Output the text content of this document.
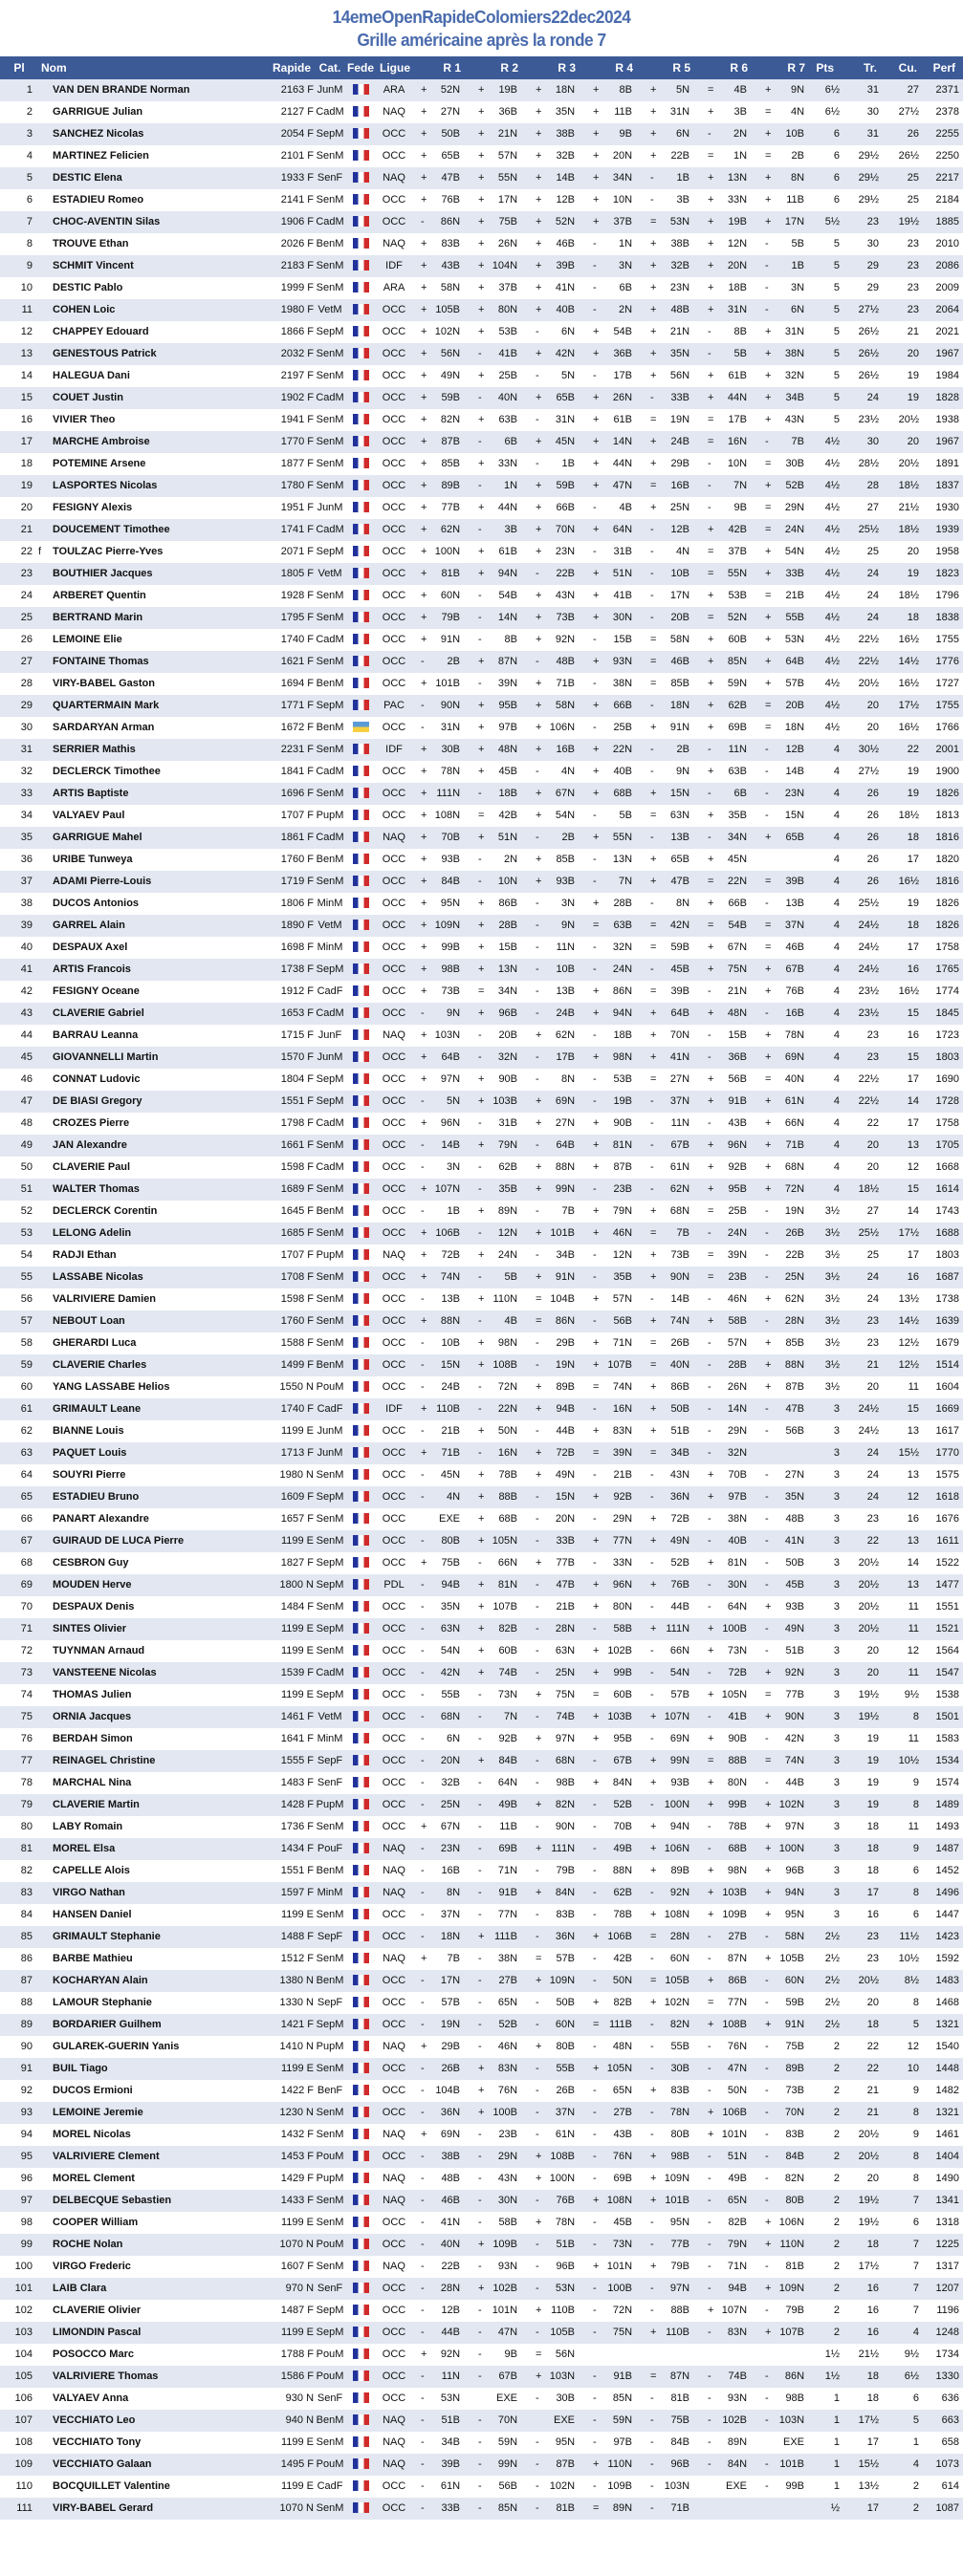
14emeOpenRapideColomiers22dec2024
Grille américaine après la ronde 7
Pl	Nom		Rapide	Cat.	Fede	Ligue	R 1	R 2	R 3	R 4	R 5	R 6	R 7	Pts	Tr.	Cu.	Perf
1		VAN DEN BRANDE Norman	2163 F	JunM		ARA	+ 52N	+ 19B	+ 18N	+ 8B	+ 5N	= 4B	+ 9N	6½	31	27	2371
2		GARRIGUE Julian	2127 F	CadM		NAQ	+ 27N	+ 36B	+ 35N	+ 11B	+ 31N	+ 3B	= 4N	6½	30	27½	2378
3		SANCHEZ Nicolas	2054 F	SepM		OCC	+ 50B	+ 21N	+ 38B	+ 9B	+ 6N	- 2N	+ 10B	6	31	26	2255
4		MARTINEZ Felicien	2101 F	SenM		OCC	+ 65B	+ 57N	+ 32B	+ 20N	+ 22B	= 1N	= 2B	6	29½	26½	2250
5		DESTIC Elena	1933 F	SenF		NAQ	+ 47B	+ 55N	+ 14B	+ 34N	- 1B	+ 13N	+ 8N	6	29½	25	2217
6		ESTADIEU Romeo	2141 F	SenM		OCC	+ 76B	+ 17N	+ 12B	+ 10N	- 3B	+ 33N	+ 11B	6	29½	25	2184
7		CHOC-AVENTIN Silas	1906 F	CadM		OCC	- 86N	+ 75B	+ 52N	+ 37B	= 53N	+ 19B	+ 17N	5½	23	19½	1885
8		TROUVE Ethan	2026 F	BenM		NAQ	+ 83B	+ 26N	+ 46B	- 1N	+ 38B	+ 12N	- 5B	5	30	23	2010
9		SCHMIT Vincent	2183 F	SenM		IDF	+ 43B	+ 104N	+ 39B	- 3N	+ 32B	+ 20N	- 1B	5	29	23	2086
10		DESTIC Pablo	1999 F	SenM		ARA	+ 58N	+ 37B	+ 41N	- 6B	+ 23N	+ 18B	- 3N	5	29	23	2009
11		COHEN Loic	1980 F	VetM		OCC	+ 105B	+ 80N	+ 40B	- 2N	+ 48B	+ 31N	- 6N	5	27½	23	2064
12		CHAPPEY Edouard	1866 F	SepM		OCC	+ 102N	+ 53B	- 6N	+ 54B	+ 21N	- 8B	+ 31N	5	26½	21	2021
13		GENESTOUS Patrick	2032 F	SenM		OCC	+ 56N	- 41B	+ 42N	+ 36B	+ 35N	- 5B	+ 38N	5	26½	20	1967
14		HALEGUA Dani	2197 F	SenM		OCC	+ 49N	+ 25B	- 5N	- 17B	+ 56N	+ 61B	+ 32N	5	26½	19	1984
15		COUET Justin	1902 F	CadM		OCC	+ 59B	- 40N	+ 65B	+ 26N	- 33B	+ 44N	+ 34B	5	24	19	1828
16		VIVIER Theo	1941 F	SenM		OCC	+ 82N	+ 63B	- 31N	+ 61B	= 19N	= 17B	+ 43N	5	23½	20½	1938
17		MARCHE Ambroise	1770 F	SenM		OCC	+ 87B	- 6B	+ 45N	+ 14N	+ 24B	= 16N	- 7B	4½	30	20	1967
18		POTEMINE Arsene	1877 F	SenM		OCC	+ 85B	+ 33N	- 1B	+ 44N	+ 29B	- 10N	= 30B	4½	28½	20½	1891
19		LASPORTES Nicolas	1780 F	SenM		OCC	+ 89B	- 1N	+ 59B	+ 47N	= 16B	- 7N	+ 52B	4½	28	18½	1837
20		FESIGNY Alexis	1951 F	JunM		OCC	+ 77B	+ 44N	+ 66B	- 4B	+ 25N	- 9B	= 29N	4½	27	21½	1930
21		DOUCEMENT Timothee	1741 F	CadM		OCC	+ 62N	- 3B	+ 70N	+ 64N	- 12B	+ 42B	= 24N	4½	25½	18½	1939
22	f	TOULZAC Pierre-Yves	2071 F	SepM		OCC	+ 100N	+ 61B	+ 23N	- 31B	- 4N	= 37B	+ 54N	4½	25	20	1958
23		BOUTHIER Jacques	1805 F	VetM		OCC	+ 81B	+ 94N	- 22B	+ 51N	- 10B	= 55N	+ 33B	4½	24	19	1823
24		ARBERET Quentin	1928 F	SenM		OCC	+ 60N	- 54B	+ 43N	+ 41B	- 17N	+ 53B	= 21B	4½	24	18½	1796
25		BERTRAND Marin	1795 F	SenM		OCC	+ 79B	- 14N	+ 73B	+ 30N	- 20B	= 52N	+ 55B	4½	24	18	1838
26		LEMOINE Elie	1740 F	CadM		OCC	+ 91N	- 8B	+ 92N	- 15B	= 58N	+ 60B	+ 53N	4½	22½	16½	1755
27		FONTAINE Thomas	1621 F	SenM		OCC	- 2B	+ 87N	- 48B	+ 93N	= 46B	+ 85N	+ 64B	4½	22½	14½	1776
28		VIRY-BABEL Gaston	1694 F	BenM		OCC	+ 101B	- 39N	+ 71B	- 38N	= 85B	+ 59N	+ 57B	4½	20½	16½	1727
29		QUARTERMAIN Mark	1771 F	SepM		PAC	- 90N	+ 95B	+ 58N	+ 66B	- 18N	+ 62B	= 20B	4½	20	17½	1755
30		SARDARYAN Arman	1672 F	BenM		OCC	- 31N	+ 97B	+ 106N	- 25B	+ 91N	+ 69B	= 18N	4½	20	16½	1766
31		SERRIER Mathis	2231 F	SenM		IDF	+ 30B	+ 48N	+ 16B	+ 22N	- 2B	- 11N	- 12B	4	30½	22	2001
32		DECLERCK Timothee	1841 F	CadM		OCC	+ 78N	+ 45B	- 4N	+ 40B	- 9N	+ 63B	- 14B	4	27½	19	1900
33		ARTIS Baptiste	1696 F	SenM		OCC	+ 111N	- 18B	+ 67N	+ 68B	+ 15N	- 6B	- 23N	4	26	19	1826
34		VALYAEV Paul	1707 F	PupM		OCC	+ 108N	= 42B	+ 54N	- 5B	= 63N	+ 35B	- 15N	4	26	18½	1813
35		GARRIGUE Mahel	1861 F	CadM		NAQ	+ 70B	+ 51N	- 2B	+ 55N	- 13B	- 34N	+ 65B	4	26	18	1816
36		URIBE Tunweya	1760 F	BenM		OCC	+ 93B	- 2N	+ 85B	- 13N	+ 65B	+ 45N		4	26	17	1820
37		ADAMI Pierre-Louis	1719 F	SenM		OCC	+ 84B	- 10N	+ 93B	- 7N	+ 47B	= 22N	= 39B	4	26	16½	1816
38		DUCOS Antonios	1806 F	MinM		OCC	+ 95N	+ 86B	- 3N	+ 28B	- 8N	+ 66B	- 13B	4	25½	19	1826
39		GARREL Alain	1890 F	VetM		OCC	+ 109N	+ 28B	- 9N	= 63B	= 42N	= 54B	= 37N	4	24½	18	1826
40		DESPAUX Axel	1698 F	MinM		OCC	+ 99B	+ 15B	- 11N	- 32N	= 59B	+ 67N	= 46B	4	24½	17	1758
41		ARTIS Francois	1738 F	SepM		OCC	+ 98B	+ 13N	- 10B	- 24N	- 45B	+ 75N	+ 67B	4	24½	16	1765
42		FESIGNY Oceane	1912 F	CadF		OCC	+ 73B	= 34N	- 13B	+ 86N	= 39B	- 21N	+ 76B	4	23½	16½	1774
43		CLAVERIE Gabriel	1653 F	CadM		OCC	- 9N	+ 96B	- 24B	+ 94N	+ 64B	+ 48N	- 16B	4	23½	15	1845
44		BARRAU Leanna	1715 F	JunF		NAQ	+ 103N	- 20B	+ 62N	- 18B	+ 70N	- 15B	+ 78N	4	23	16	1723
45		GIOVANNELLI Martin	1570 F	JunM		OCC	+ 64B	- 32N	- 17B	+ 98N	+ 41N	- 36B	+ 69N	4	23	15	1803
46		CONNAT Ludovic	1804 F	SepM		OCC	+ 97N	+ 90B	- 8N	- 53B	= 27N	+ 56B	= 40N	4	22½	17	1690
47		DE BIASI Gregory	1551 F	SepM		OCC	- 5N	+ 103B	+ 69N	- 19B	- 37N	+ 91B	+ 61N	4	22½	14	1728
48		CROZES Pierre	1798 F	CadM		OCC	+ 96N	- 31B	+ 27N	+ 90B	- 11N	- 43B	+ 66N	4	22	17	1758
49		JAN Alexandre	1661 F	SenM		OCC	- 14B	+ 79N	- 64B	+ 81N	- 67B	+ 96N	+ 71B	4	20	13	1705
50		CLAVERIE Paul	1598 F	CadM		OCC	- 3N	- 62B	+ 88N	+ 87B	- 61N	+ 92B	+ 68N	4	20	12	1668
51		WALTER Thomas	1689 F	SenM		OCC	+ 107N	- 35B	+ 99N	- 23B	- 62N	+ 95B	+ 72N	4	18½	15	1614
52		DECLERCK Corentin	1645 F	BenM		OCC	- 1B	+ 89N	- 7B	+ 79N	+ 68N	= 25B	- 19N	3½	27	14	1743
53		LELONG Adelin	1685 F	SenM		OCC	+ 106B	- 12N	+ 101B	+ 46N	= 7B	- 24N	- 26B	3½	25½	17½	1688
54		RADJI Ethan	1707 F	PupM		NAQ	+ 72B	+ 24N	- 34B	- 12N	+ 73B	= 39N	- 22B	3½	25	17	1803
55		LASSABE Nicolas	1708 F	SenM		OCC	+ 74N	- 5B	+ 91N	- 35B	+ 90N	= 23B	- 25N	3½	24	16	1687
56		VALRIVIERE Damien	1598 F	SenM		OCC	- 13B	+ 110N	= 104B	+ 57N	- 14B	- 46N	+ 62N	3½	24	13½	1738
57		NEBOUT Loan	1760 F	SenM		OCC	+ 88N	- 4B	= 86N	- 56B	+ 74N	+ 58B	- 28N	3½	23	14½	1639
58		GHERARDI Luca	1588 F	SenM		OCC	- 10B	+ 98N	- 29B	+ 71N	= 26B	- 57N	+ 85B	3½	23	12½	1679
59		CLAVERIE Charles	1499 F	BenM		OCC	- 15N	+ 108B	- 19N	+ 107B	= 40N	- 28B	+ 88N	3½	21	12½	1514
60		YANG LASSABE Helios	1550 N	PouM		OCC	- 24B	- 72N	+ 89B	= 74N	+ 86B	- 26N	+ 87B	3½	20	11	1604
61		GRIMAULT Leane	1740 F	CadF		IDF	+ 110B	- 22N	+ 94B	- 16N	+ 50B	- 14N	- 47B	3	24½	15	1669
62		BIANNE Louis	1199 E	JunM		OCC	- 21B	+ 50N	- 44B	+ 83N	+ 51B	- 29N	- 56B	3	24½	13	1617
63		PAQUET Louis	1713 F	JunM		OCC	+ 71B	- 16N	+ 72B	= 39N	= 34B	- 32N		3	24	15½	1770
64		SOUYRI Pierre	1980 N	SenM		OCC	- 45N	+ 78B	+ 49N	- 21B	- 43N	+ 70B	- 27N	3	24	13	1575
65		ESTADIEU Bruno	1609 F	SepM		OCC	- 4N	+ 88B	- 15N	+ 92B	- 36N	+ 97B	- 35N	3	24	12	1618
66		PANART Alexandre	1657 F	SenM		OCC	EXE	+ 68B	- 20N	- 29N	+ 72B	- 38N	- 48B	3	23	16	1676
67		GUIRAUD DE LUCA Pierre	1199 E	SenM		OCC	- 80B	+ 105N	- 33B	+ 77N	+ 49N	- 40B	- 41N	3	22	13	1611
68		CESBRON Guy	1827 F	SepM		OCC	+ 75B	- 66N	+ 77B	- 33N	- 52B	+ 81N	- 50B	3	20½	14	1522
69		MOUDEN Herve	1800 N	SepM		PDL	- 94B	+ 81N	- 47B	+ 96N	+ 76B	- 30N	- 45B	3	20½	13	1477
70		DESPAUX Denis	1484 F	SenM		OCC	- 35N	+ 107B	- 21B	+ 80N	- 44B	- 64N	+ 93B	3	20½	11	1551
71		SINTES Olivier	1199 E	SepM		OCC	- 63N	+ 82B	- 28N	- 58B	+ 111N	+ 100B	- 49N	3	20½	11	1521
72		TUYNMAN Arnaud	1199 E	SenM		OCC	- 54N	+ 60B	- 63N	+ 102B	- 66N	+ 73N	- 51B	3	20	12	1564
73		VANSTEENE Nicolas	1539 F	CadM		OCC	- 42N	+ 74B	- 25N	+ 99B	- 54N	- 72B	+ 92N	3	20	11	1547
74		THOMAS Julien	1199 E	SepM		OCC	- 55B	- 73N	+ 75N	= 60B	- 57B	+ 105N	= 77B	3	19½	9½	1538
75		ORNIA Jacques	1461 F	VetM		OCC	- 68N	- 7N	- 74B	+ 103B	+ 107N	- 41B	+ 90N	3	19½	8	1501
76		BERDAH Simon	1641 F	MinM		OCC	- 6N	- 92B	+ 97N	+ 95B	- 69N	+ 90B	- 42N	3	19	11	1583
77		REINAGEL Christine	1555 F	SepF		OCC	- 20N	+ 84B	- 68N	- 67B	+ 99N	= 88B	= 74N	3	19	10½	1534
78		MARCHAL Nina	1483 F	SenF		OCC	- 32B	- 64N	- 98B	+ 84N	+ 93B	+ 80N	- 44B	3	19	9	1574
79		CLAVERIE Martin	1428 F	PupM		OCC	- 25N	- 49B	+ 82N	- 52B	- 100N	+ 99B	+ 102N	3	19	8	1489
80		LABY Romain	1736 F	SenM		OCC	+ 67N	- 11B	- 90N	- 70B	+ 94N	- 78B	+ 97N	3	18	11	1493
81		MOREL Elsa	1434 F	PouF		NAQ	- 23N	- 69B	+ 111N	- 49B	+ 106N	- 68B	+ 100N	3	18	9	1487
82		CAPELLE Alois	1551 F	BenM		NAQ	- 16B	- 71N	- 79B	- 88N	+ 89B	+ 98N	+ 96B	3	18	6	1452
83		VIRGO Nathan	1597 F	MinM		NAQ	- 8N	- 91B	+ 84N	- 62B	- 92N	+ 103B	+ 94N	3	17	8	1496
84		HANSEN Daniel	1199 E	SenM		OCC	- 37N	- 77N	- 83B	- 78B	+ 108N	+ 109B	+ 95N	3	16	6	1447
85		GRIMAULT Stephanie	1488 F	SepF		OCC	- 18N	+ 111B	- 36N	+ 106B	= 28N	- 27B	- 58N	2½	23	11½	1423
86		BARBE Mathieu	1512 F	SenM		NAQ	+ 7B	- 38N	= 57B	- 42B	- 60N	- 87N	+ 105B	2½	23	10½	1592
87		KOCHARYAN Alain	1380 N	BenM		OCC	- 17N	- 27B	+ 109N	- 50N	= 105B	+ 86B	- 60N	2½	20½	8½	1483
88		LAMOUR Stephanie	1330 N	SepF		OCC	- 57B	- 65N	- 50B	+ 82B	+ 102N	= 77N	- 59B	2½	20	8	1468
89		BORDARIER Guilhem	1421 F	SepM		OCC	- 19N	- 52B	- 60N	= 111B	- 82N	+ 108B	+ 91N	2½	18	5	1321
90		GULAREK-GUERIN Yanis	1410 N	PupM		NAQ	+ 29B	- 46N	+ 80B	- 48N	- 55B	- 76N	- 75B	2	22	12	1540
91		BUIL Tiago	1199 E	SenM		OCC	- 26B	+ 83N	- 55B	+ 105N	- 30B	- 47N	- 89B	2	22	10	1448
92		DUCOS Ermioni	1422 F	BenF		OCC	- 104B	+ 76N	- 26B	- 65N	+ 83B	- 50N	- 73B	2	21	9	1482
93		LEMOINE Jeremie	1230 N	SenM		OCC	- 36N	+ 100B	- 37N	- 27B	- 78N	+ 106B	- 70N	2	21	8	1321
94		MOREL Nicolas	1432 F	SenM		NAQ	+ 69N	- 23B	- 61N	- 43B	- 80B	+ 101N	- 83B	2	20½	9	1461
95		VALRIVIERE Clement	1453 F	PouM		OCC	- 38B	- 29N	+ 108B	- 76N	+ 98B	- 51N	- 84B	2	20½	8	1404
96		MOREL Clement	1429 F	PupM		NAQ	- 48B	- 43N	+ 100N	- 69B	+ 109N	- 49B	- 82N	2	20	8	1490
97		DELBECQUE Sebastien	1433 F	SenM		NAQ	- 46B	- 30N	- 76B	+ 108N	+ 101B	- 65N	- 80B	2	19½	7	1341
98		COOPER William	1199 E	SenM		OCC	- 41N	- 58B	+ 78N	- 45B	- 95N	- 82B	+ 106N	2	19½	6	1318
99		ROCHE Nolan	1070 N	PouM		OCC	- 40N	+ 109B	- 51B	- 73N	- 77B	- 79N	+ 110N	2	18	7	1225
100		VIRGO Frederic	1607 F	SenM		NAQ	- 22B	- 93N	- 96B	+ 101N	+ 79B	- 71N	- 81B	2	17½	7	1317
101		LAIB Clara	970 N	SenF		OCC	- 28N	+ 102B	- 53N	- 100B	- 97N	- 94B	+ 109N	2	16	7	1207
102		CLAVERIE Olivier	1487 F	SepM		OCC	- 12B	- 101N	+ 110B	- 72N	- 88B	+ 107N	- 79B	2	16	7	1196
103		LIMONDIN Pascal	1199 E	SepM		OCC	- 44B	- 47N	- 105B	- 75N	+ 110B	- 83N	+ 107B	2	16	4	1248
104		POSOCCO Marc	1788 F	PouM		OCC	+ 92N	- 9B	= 56N					1½	21½	9½	1734
105		VALRIVIERE Thomas	1586 F	PouM		OCC	- 11N	- 67B	+ 103N	- 91B	= 87N	- 74B	- 86N	1½	18	6½	1330
106		VALYAEV Anna	930 N	SenF		OCC	- 53N	EXE	- 30B	- 85N	- 81B	- 93N	- 98B	1	18	6	636
107		VECCHIATO Leo	940 N	BenM		NAQ	- 51B	- 70N	EXE	- 59N	- 75B	- 102B	- 103N	1	17½	5	663
108		VECCHIATO Tony	1199 E	SenM		NAQ	- 34B	- 59N	- 95N	- 97B	- 84B	- 89N	EXE	1	17	1	658
109		VECCHIATO Galaan	1495 F	PouM		NAQ	- 39B	- 99N	- 87B	+ 110N	- 96B	- 84N	- 101B	1	15½	4	1073
110		BOCQUILLET Valentine	1199 E	CadF		OCC	- 61N	- 56B	- 102N	- 109B	- 103N	EXE	- 99B	1	13½	2	614
111		VIRY-BABEL Gerard	1070 N	SenM		OCC	- 33B	- 85N	- 81B	= 89N	- 71B			½	17	2	1087
